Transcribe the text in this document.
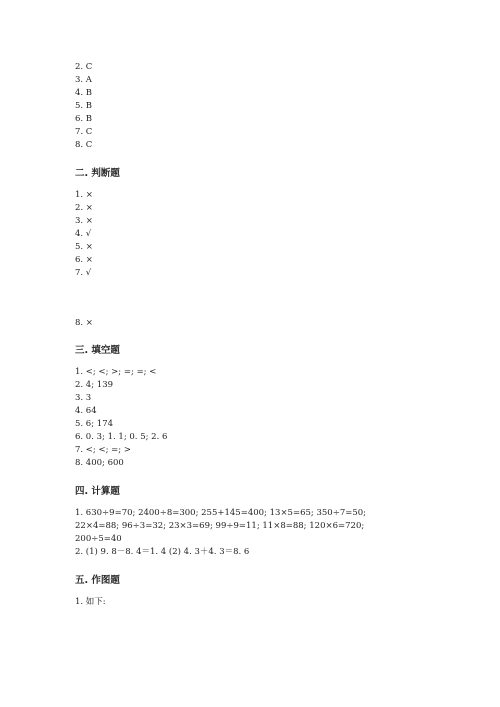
2. C
3. A
4. B
5. B
6. B
7. C
8. C
二. 判断题
1. ×
2. ×
3. ×
4. √
5. ×
6. ×
7. √
8. ×
三. 填空题
1. <; <; >; =; =; <
2. 4; 139
3. 3
4. 64
5. 6; 174
6. 0. 3; 1. 1; 0. 5; 2. 6
7. <; <; =; >
8. 400; 600
四. 计算题
1. 630÷9=70; 2400÷8=300; 255+145=400; 13×5=65; 350÷7=50;
22×4=88; 96÷3=32; 23×3=69; 99÷9=11; 11×8=88; 120×6=720;
200÷5=40
2. (1) 9. 8－8. 4＝1. 4 (2) 4. 3＋4. 3＝8. 6
五. 作图题
1. 如下:
